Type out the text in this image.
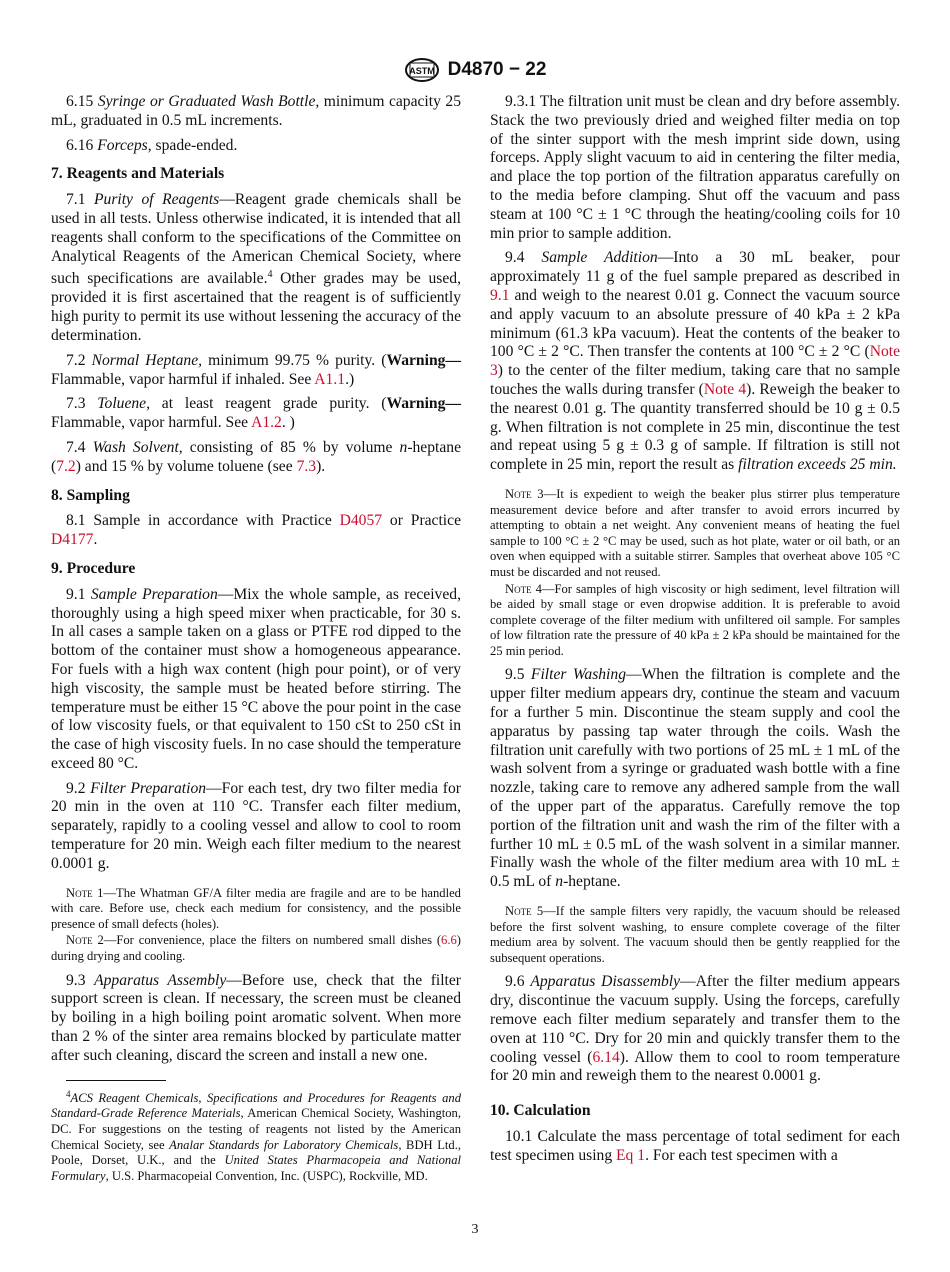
ASTM D4870 − 22

6.15 Syringe or Graduated Wash Bottle, minimum capacity 25 mL, graduated in 0.5 mL increments.

6.16 Forceps, spade-ended.

7. Reagents and Materials

7.1 Purity of Reagents—Reagent grade chemicals shall be used in all tests. Unless otherwise indicated, it is intended that all reagents shall conform to the specifications of the Committee on Analytical Reagents of the American Chemical Society, where such specifications are available.$^4$ Other grades may be used, provided it is first ascertained that the reagent is of sufficiently high purity to permit its use without lessening the accuracy of the determination.

7.2 Normal Heptane, minimum 99.75 % purity. (Warning—Flammable, vapor harmful if inhaled. See A1.1.)

7.3 Toluene, at least reagent grade purity. (Warning—Flammable, vapor harmful. See A1.2. )

7.4 Wash Solvent, consisting of 85 % by volume n-heptane (7.2) and 15 % by volume toluene (see 7.3).

8. Sampling

8.1 Sample in accordance with Practice D4057 or Practice D4177.

9. Procedure

9.1 Sample Preparation—Mix the whole sample, as received, thoroughly using a high speed mixer when practicable, for 30 s. In all cases a sample taken on a glass or PTFE rod dipped to the bottom of the container must show a homogeneous appearance. For fuels with a high wax content (high pour point), or of very high viscosity, the sample must be heated before stirring. The temperature must be either 15 °C above the pour point in the case of low viscosity fuels, or that equivalent to 150 cSt to 250 cSt in the case of high viscosity fuels. In no case should the temperature exceed 80 °C.

9.2 Filter Preparation—For each test, dry two filter media for 20 min in the oven at 110 °C. Transfer each filter medium, separately, rapidly to a cooling vessel and allow to cool to room temperature for 20 min. Weigh each filter medium to the nearest 0.0001 g.

Note 1—The Whatman GF/A filter media are fragile and are to be handled with care. Before use, check each medium for consistency, and the possible presence of small defects (holes).

Note 2—For convenience, place the filters on numbered small dishes (6.6) during drying and cooling.

9.3 Apparatus Assembly—Before use, check that the filter support screen is clean. If necessary, the screen must be cleaned by boiling in a high boiling point aromatic solvent. When more than 2 % of the sinter area remains blocked by particulate matter after such cleaning, discard the screen and install a new one.

$^4$ACS Reagent Chemicals, Specifications and Procedures for Reagents and Standard-Grade Reference Materials, American Chemical Society, Washington, DC. For suggestions on the testing of reagents not listed by the American Chemical Society, see Analar Standards for Laboratory Chemicals, BDH Ltd., Poole, Dorset, U.K., and the United States Pharmacopeia and National Formulary, U.S. Pharmacopeial Convention, Inc. (USPC), Rockville, MD.

9.3.1 The filtration unit must be clean and dry before assembly. Stack the two previously dried and weighed filter media on top of the sinter support with the mesh imprint side down, using forceps. Apply slight vacuum to aid in centering the filter media, and place the top portion of the filtration apparatus carefully on to the media before clamping. Shut off the vacuum and pass steam at 100 °C ± 1 °C through the heating/cooling coils for 10 min prior to sample addition.

9.4 Sample Addition—Into a 30 mL beaker, pour approximately 11 g of the fuel sample prepared as described in 9.1 and weigh to the nearest 0.01 g. Connect the vacuum source and apply vacuum to an absolute pressure of 40 kPa ± 2 kPa minimum (61.3 kPa vacuum). Heat the contents of the beaker to 100 °C ± 2 °C. Then transfer the contents at 100 °C ± 2 °C (Note 3) to the center of the filter medium, taking care that no sample touches the walls during transfer (Note 4). Reweigh the beaker to the nearest 0.01 g. The quantity transferred should be 10 g ± 0.5 g. When filtration is not complete in 25 min, discontinue the test and repeat using 5 g ± 0.3 g of sample. If filtration is still not complete in 25 min, report the result as filtration exceeds 25 min.

Note 3—It is expedient to weigh the beaker plus stirrer plus temperature measurement device before and after transfer to avoid errors incurred by attempting to obtain a net weight. Any convenient means of heating the fuel sample to 100 °C ± 2 °C may be used, such as hot plate, water or oil bath, or an oven when equipped with a suitable stirrer. Samples that overheat above 105 °C must be discarded and not reused.

Note 4—For samples of high viscosity or high sediment, level filtration will be aided by small stage or even dropwise addition. It is preferable to avoid complete coverage of the filter medium with unfiltered oil sample. For samples of low filtration rate the pressure of 40 kPa ± 2 kPa should be maintained for the 25 min period.

9.5 Filter Washing—When the filtration is complete and the upper filter medium appears dry, continue the steam and vacuum for a further 5 min. Discontinue the steam supply and cool the apparatus by passing tap water through the coils. Wash the filtration unit carefully with two portions of 25 mL ± 1 mL of the wash solvent from a syringe or graduated wash bottle with a fine nozzle, taking care to remove any adhered sample from the wall of the upper part of the apparatus. Carefully remove the top portion of the filtration unit and wash the rim of the filter with a further 10 mL ± 0.5 mL of the wash solvent in a similar manner. Finally wash the whole of the filter medium area with 10 mL ± 0.5 mL of n-heptane.

Note 5—If the sample filters very rapidly, the vacuum should be released before the first solvent washing, to ensure complete coverage of the filter medium area by solvent. The vacuum should then be gently reapplied for the subsequent operations.

9.6 Apparatus Disassembly—After the filter medium appears dry, discontinue the vacuum supply. Using the forceps, carefully remove each filter medium separately and transfer them to the oven at 110 °C. Dry for 20 min and quickly transfer them to the cooling vessel (6.14). Allow them to cool to room temperature for 20 min and reweigh them to the nearest 0.0001 g.

10. Calculation

10.1 Calculate the mass percentage of total sediment for each test specimen using Eq 1. For each test specimen with a

3
